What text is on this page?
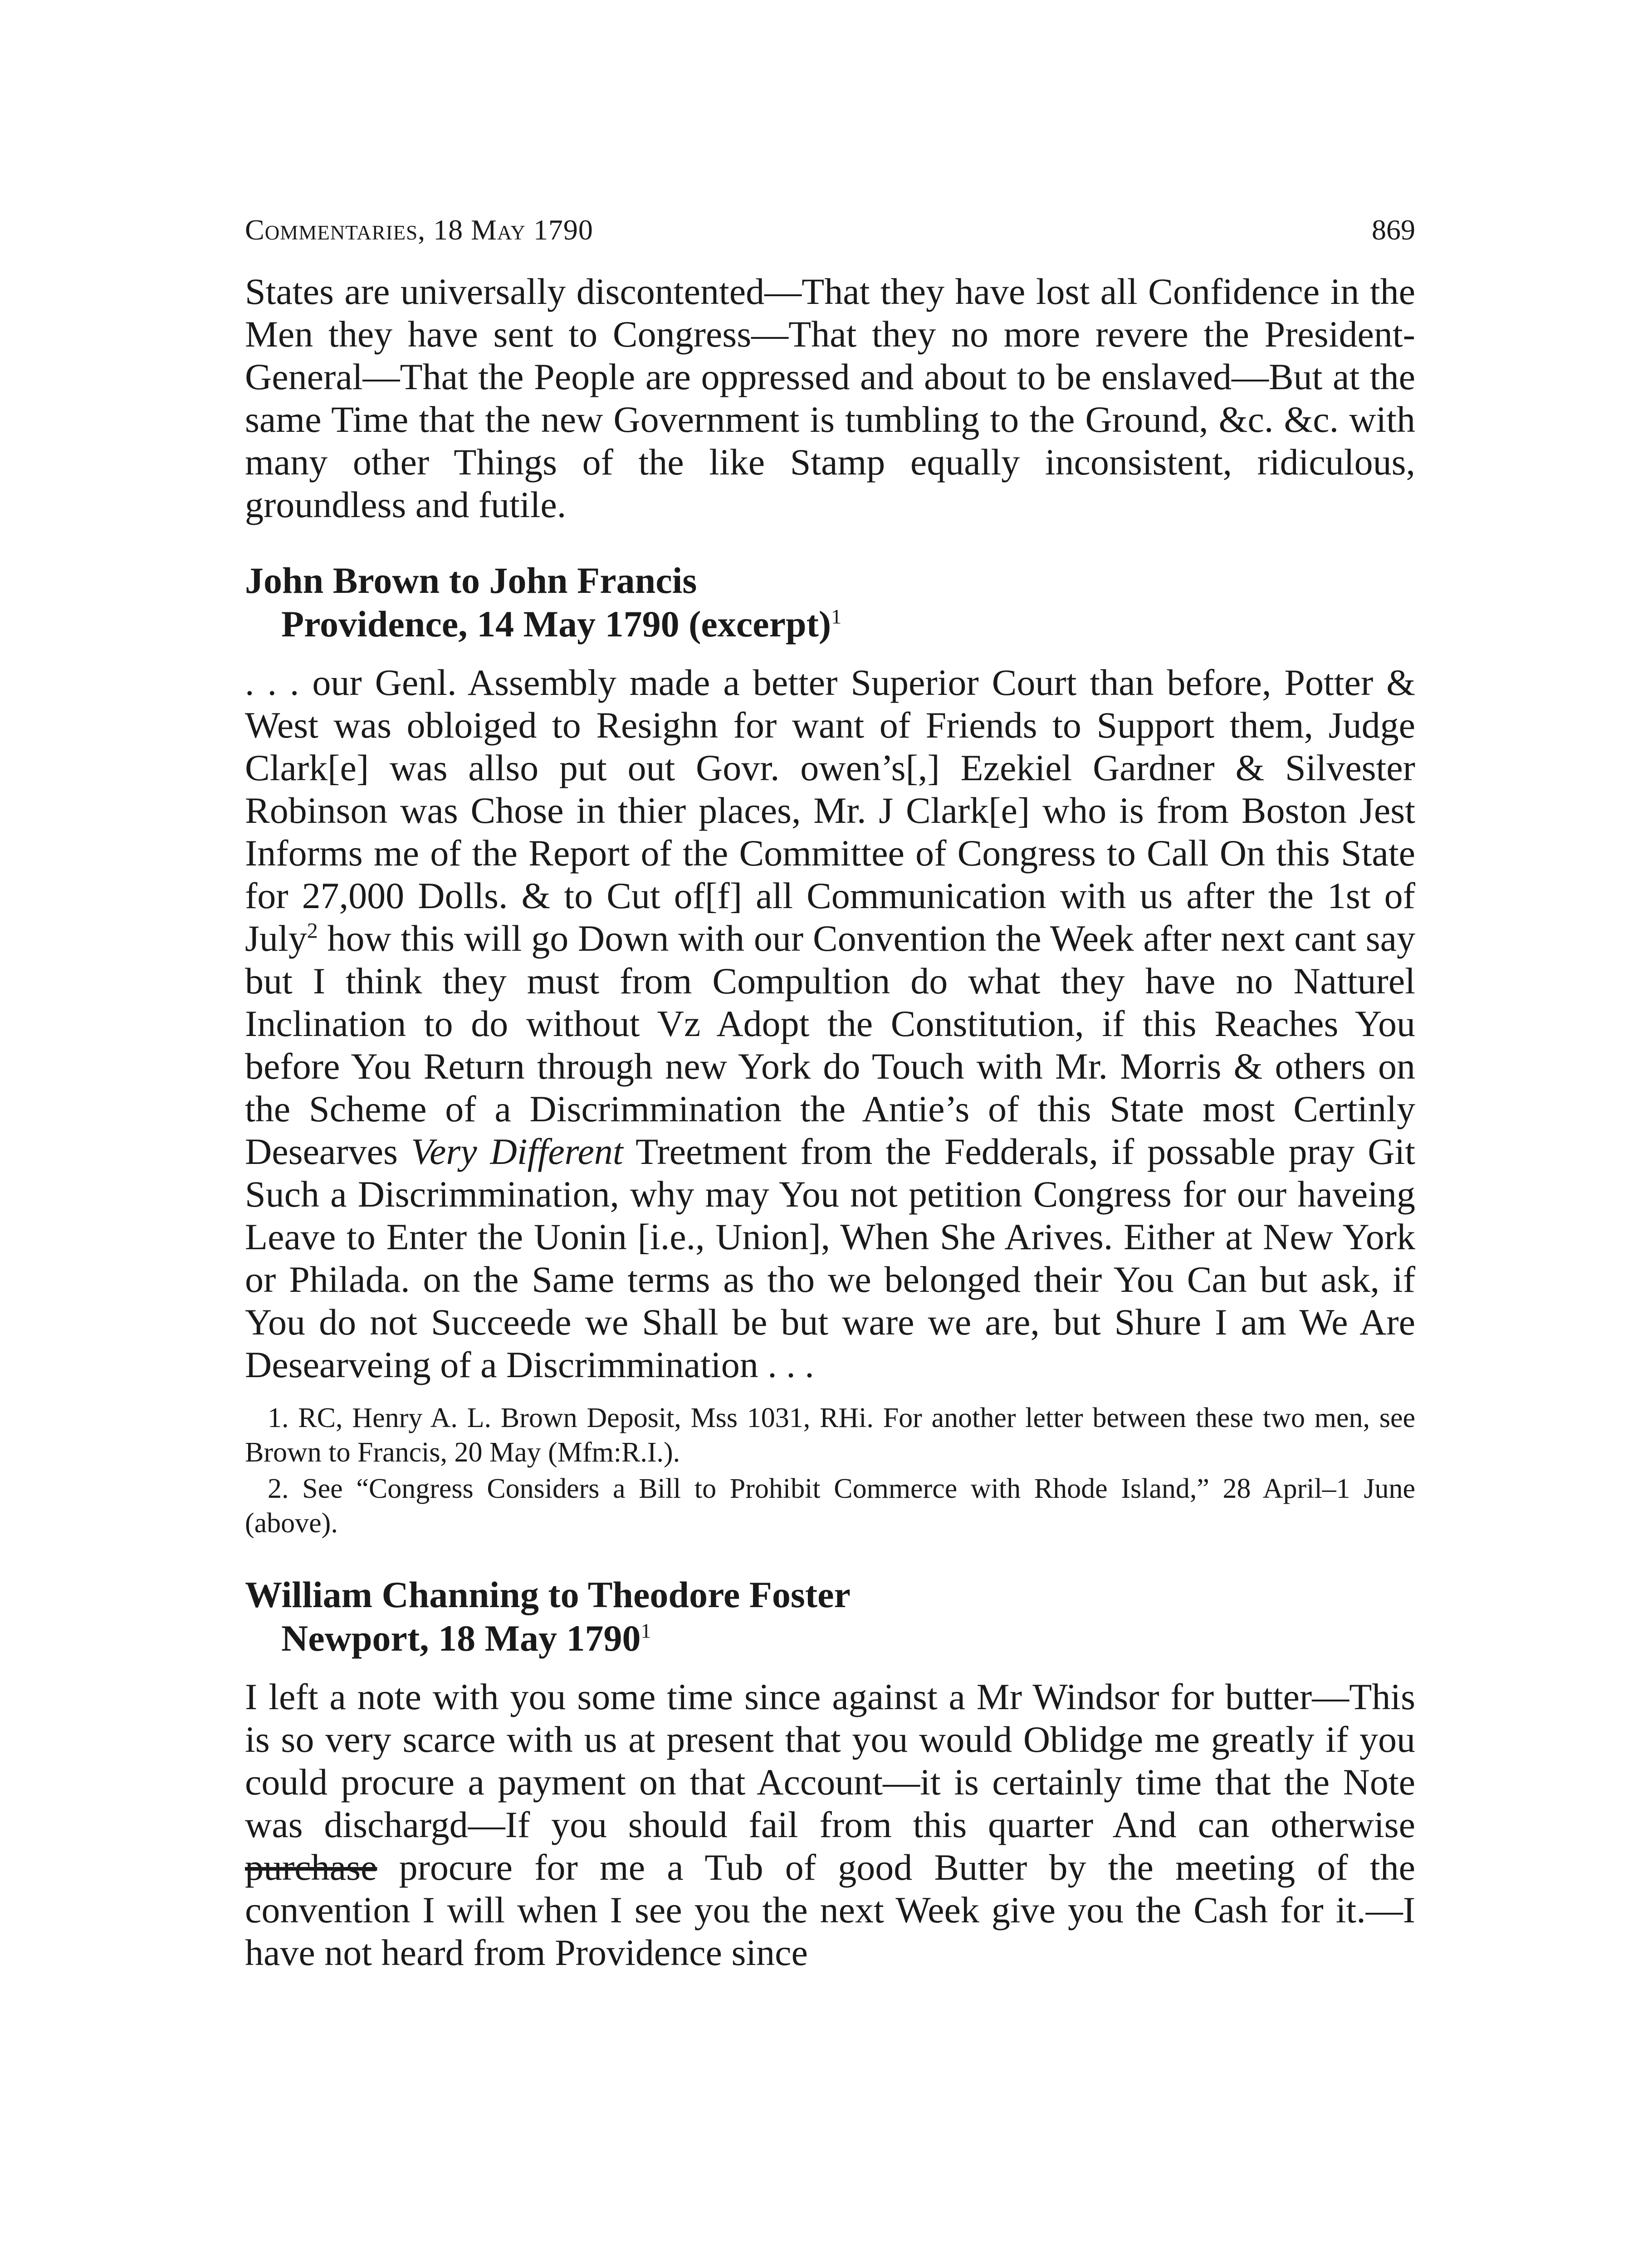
Commentaries, 18 May 1790	869

States are universally discontented—That they have lost all Confidence in the Men they have sent to Congress—That they no more revere the President-General—That the People are oppressed and about to be enslaved—But at the same Time that the new Government is tumbling to the Ground, &c. &c. with many other Things of the like Stamp equally inconsistent, ridiculous, groundless and futile.

John Brown to John Francis
Providence, 14 May 1790 (excerpt)$^1$

. . . our Genl. Assembly made a better Superior Court than before, Potter & West was obloiged to Resighn for want of Friends to Support them, Judge Clark[e] was allso put out Govr. owen’s[,] Ezekiel Gardner & Silvester Robinson was Chose in thier places, Mr. J Clark[e] who is from Boston Jest Informs me of the Report of the Committee of Congress to Call On this State for 27,000 Dolls. & to Cut of[f] all Communication with us after the 1st of July$^2$ how this will go Down with our Convention the Week after next cant say but I think they must from Compultion do what they have no Natturel Inclination to do without Vz Adopt the Constitution, if this Reaches You before You Return through new York do Touch with Mr. Morris & others on the Scheme of a Discrimmination the Antie’s of this State most Certinly Desearves Very Different Treetment from the Fedderals, if possable pray Git Such a Discrimmination, why may You not petition Congress for our haveing Leave to Enter the Uonin [i.e., Union], When She Arives. Either at New York or Philada. on the Same terms as tho we belonged their You Can but ask, if You do not Succeede we Shall be but ware we are, but Shure I am We Are Desearveing of a Discrimmination . . .

1. RC, Henry A. L. Brown Deposit, Mss 1031, RHi. For another letter between these two men, see Brown to Francis, 20 May (Mfm:R.I.).

2. See “Congress Considers a Bill to Prohibit Commerce with Rhode Island,” 28 April–1 June (above).

William Channing to Theodore Foster
Newport, 18 May 1790$^1$

I left a note with you some time since against a Mr Windsor for butter—This is so very scarce with us at present that you would Oblidge me greatly if you could procure a payment on that Account—it is certainly time that the Note was dischargd—If you should fail from this quarter And can otherwise purchase procure for me a Tub of good Butter by the meeting of the convention I will when I see you the next Week give you the Cash for it.—I have not heard from Providence since
